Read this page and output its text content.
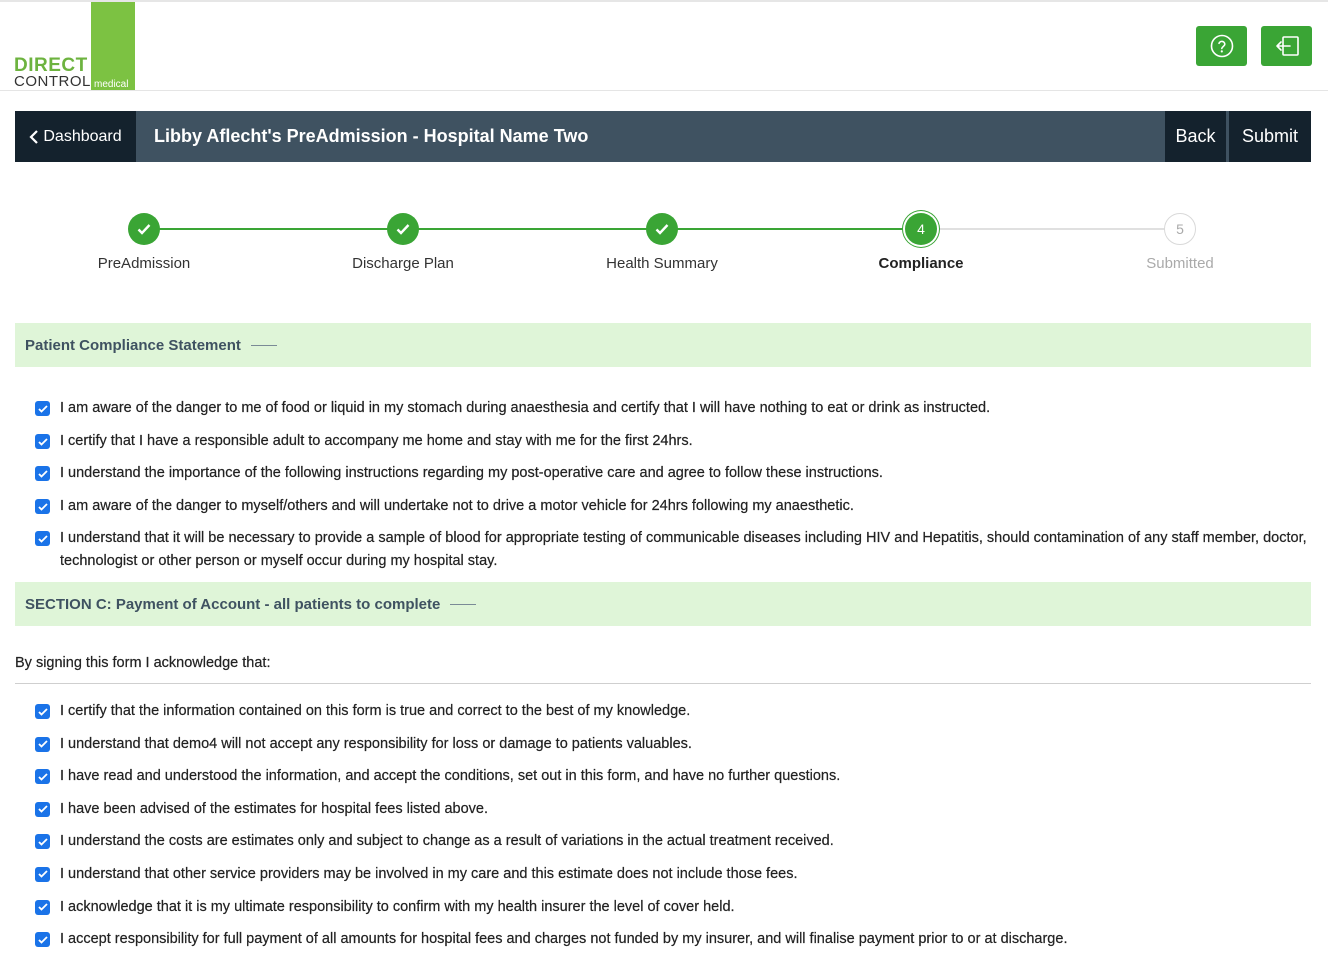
DIRECT
CONTROL medical
Dashboard Libby Aflecht's PreAdmission - Hospital Name Two	Back	Submit
PreAdmission	Discharge Plan	Health Summary
4
Compliance
5
Submitted
Patient Compliance Statement
I am aware of the danger to me of food or liquid in my stomach during anaesthesia and certify that I will have nothing to eat or drink as instructed.
I certify that I have a responsible adult to accompany me home and stay with me for the first 24hrs.
I understand the importance of the following instructions regarding my post-operative care and agree to follow these instructions.
I am aware of the danger to myself/others and will undertake not to drive a motor vehicle for 24hrs following my anaesthetic.
I understand that it will be necessary to provide a sample of blood for appropriate testing of communicable diseases including HIV and Hepatitis, should contamination of any staff member, doctor, technologist or other person or myself occur during my hospital stay.
SECTION C: Payment of Account - all patients to complete
By signing this form I acknowledge that:
I certify that the information contained on this form is true and correct to the best of my knowledge.
I understand that demo4 will not accept any responsibility for loss or damage to patients valuables.
I have read and understood the information, and accept the conditions, set out in this form, and have no further questions.
I have been advised of the estimates for hospital fees listed above.
I understand the costs are estimates only and subject to change as a result of variations in the actual treatment received.
I understand that other service providers may be involved in my care and this estimate does not include those fees.
I acknowledge that it is my ultimate responsibility to confirm with my health insurer the level of cover held.
I accept responsibility for full payment of all amounts for hospital fees and charges not funded by my insurer, and will finalise payment prior to or at discharge.
